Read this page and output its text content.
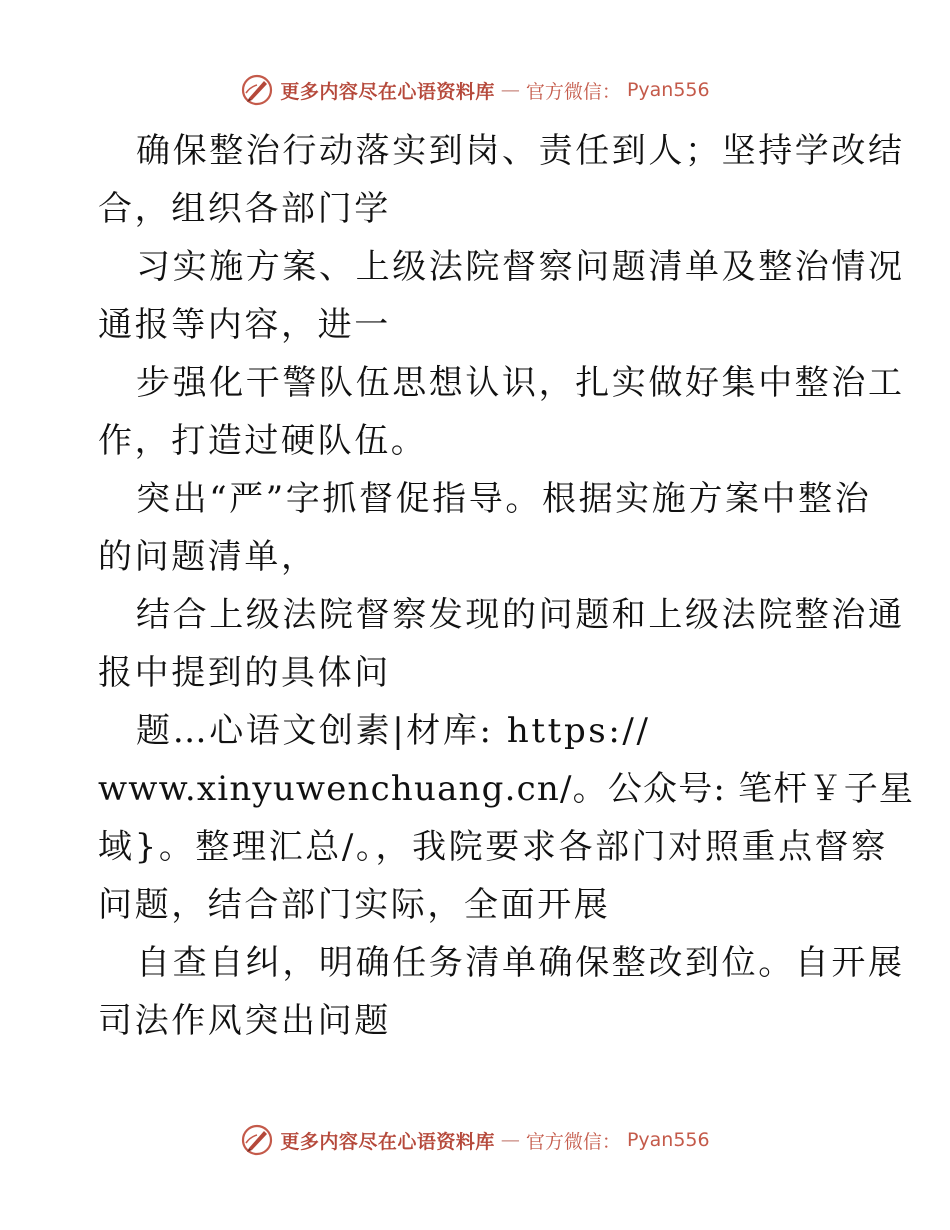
更多内容尽在心语资料库 — 官方微信： Pyan556
确保整治行动落实到岗、责任到人；坚持学改结
合，组织各部门学
习实施方案、上级法院督察问题清单及整治情况
通报等内容，进一
步强化干警队伍思想认识，扎实做好集中整治工
作，打造过硬队伍。
突出“严”字抓督促指导。根据实施方案中整治
的问题清单，
结合上级法院督察发现的问题和上级法院整治通
报中提到的具体问
题…心语文创素|材库: https://
www.xinyuwenchuang.cn/。公众号: 笔杆￥子星
域}。整理汇总/。，我院要求各部门对照重点督察
问题，结合部门实际，全面开展
自查自纠，明确任务清单确保整改到位。自开展
司法作风突出问题
更多内容尽在心语资料库 — 官方微信： Pyan556
